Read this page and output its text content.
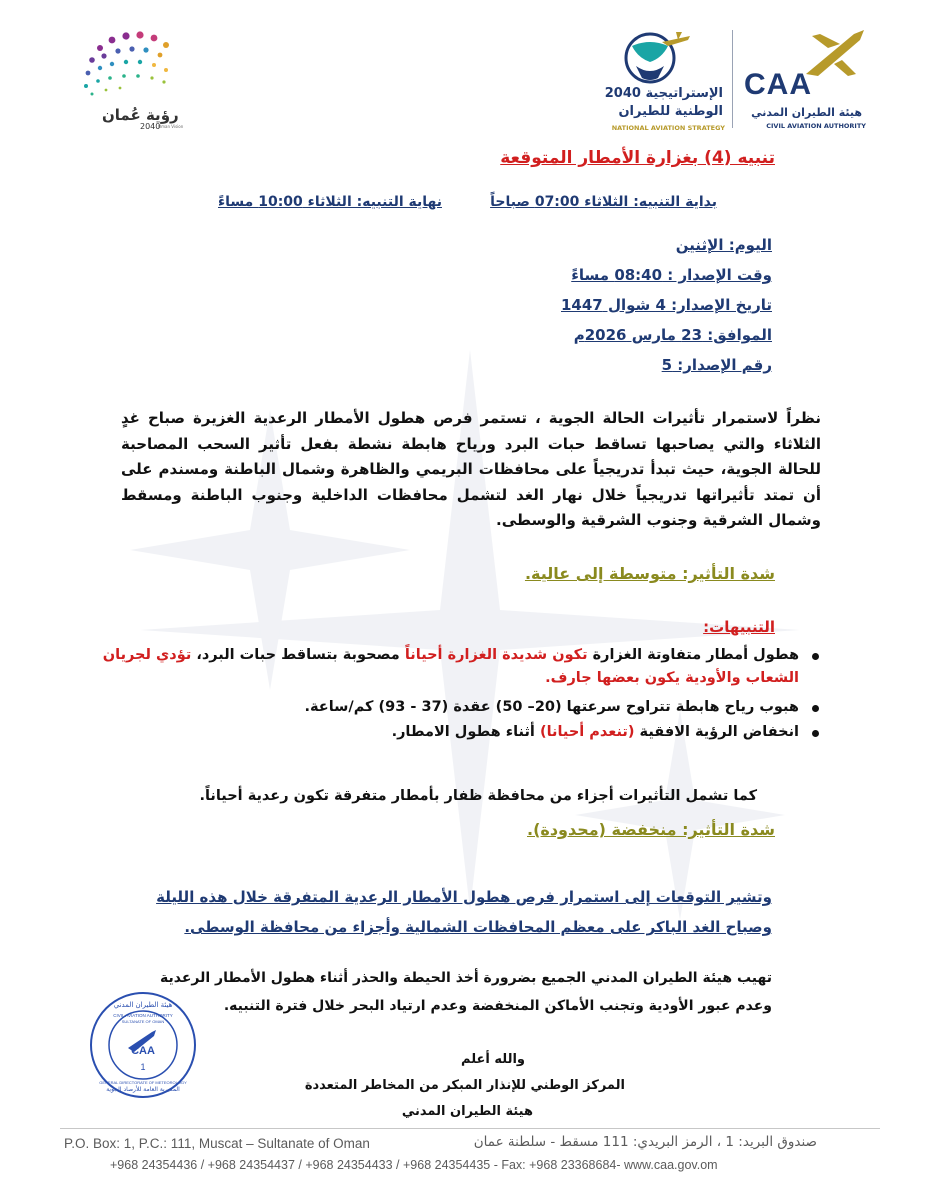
رؤية عُمان
2040
Oman Vision
الإستراتيجية 2040
الوطنية للطيران
NATIONAL AVIATION STRATEGY
CAA
هيئة الطيران المدني
CIVIL AVIATION AUTHORITY
تنبيه (4) بغزارة الأمطار المتوقعة
بداية التنبيه: الثلاثاء 07:00 صباحاً
نهاية التنبيه: الثلاثاء 10:00 مساءً
اليوم: الإثنين
وقت الإصدار : 08:40 مساءً
تاريخ الإصدار: 4 شوال 1447
الموافق: 23 مارس 2026م
رقم الإصدار: 5
نظراً لاستمرار تأثيرات الحالة الجوية ، تستمر فرص هطول الأمطار الرعدية الغزيرة صباح غدٍ الثلاثاء والتي يصاحبها تساقط حبات البرد ورياح هابطة نشطة بفعل تأثير السحب المصاحبة للحالة الجوية، حيث تبدأ تدريجياً على محافظات البريمي والظاهرة وشمال الباطنة ومسندم على أن تمتد تأثيراتها تدريجياً خلال نهار الغد لتشمل محافظات الداخلية وجنوب الباطنة ومسقط وشمال الشرقية وجنوب الشرقية والوسطى.
شدة التأثير: متوسطة إلى عالية.
التنبيهات:
هطول أمطار متفاوتة الغزارة تكون شديدة الغزارة أحياناً مصحوبة بتساقط حبات البرد، تؤدي لجريان الشعاب والأودية يكون بعضها جارف.
هبوب رياح هابطة تتراوح سرعتها (20– 50) عقدة (37 - 93) كم/ساعة.
انخفاض الرؤية الافقية (تنعدم أحيانا) أثناء هطول الامطار.
كما تشمل التأثيرات أجزاء من محافظة ظفار بأمطار متفرقة تكون رعدية أحياناً.
شدة التأثير: منخفضة (محدودة).
وتشير التوقعات إلى استمرار فرص هطول الأمطار الرعدية المتفرقة خلال هذه الليلة
وصباح الغد الباكر على معظم المحافظات الشمالية وأجزاء من محافظة الوسطى.
تهيب هيئة الطيران المدني الجميع بضرورة أخذ الحيطة والحذر أثناء هطول الأمطار الرعدية
وعدم عبور الأودية وتجنب الأماكن المنخفضة وعدم ارتياد البحر خلال فترة التنبيه.
CAA
1
هيئة الطيران المدني
CIVIL AVIATION AUTHORITY
SULTANATE OF OMAN
GENERAL DIRECTORATE OF METEOROLOGY
المديرية العامة للأرصاد الجوية
والله أعلم
المركز الوطني للإنذار المبكر من المخاطر المتعددة
هيئة الطيران المدني
P.O. Box: 1, P.C.: 111, Muscat – Sultanate of Oman	صندوق البريد: 1 ، الرمز البريدي: 111 مسقط - سلطنة عمان
+968 24354436 / +968 24354437 / +968 24354433 / +968 24354435 - Fax: +968 23368684- www.caa.gov.om
